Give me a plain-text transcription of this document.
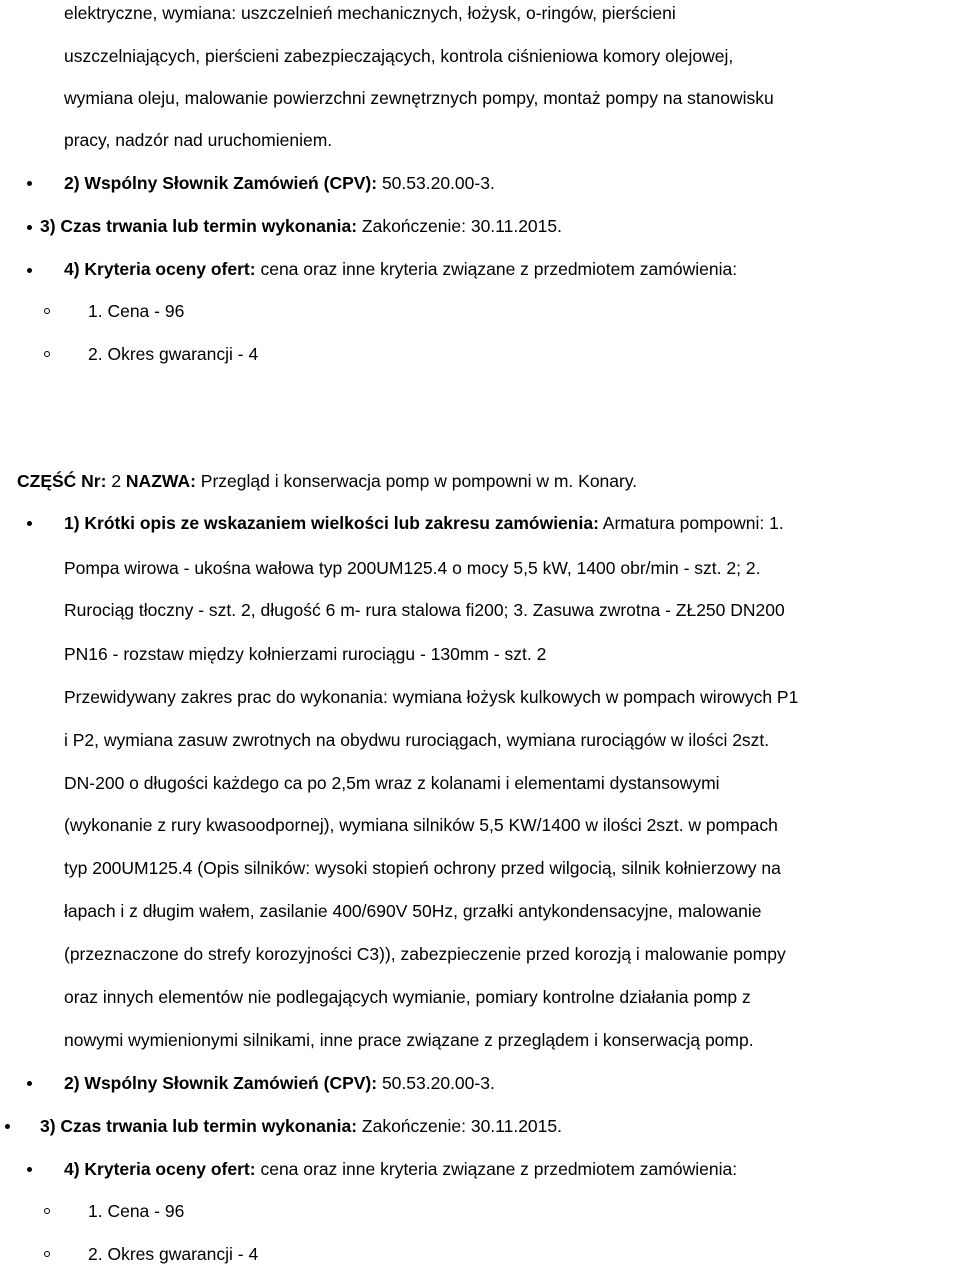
elektryczne, wymiana: uszczelnień mechanicznych, łożysk, o-ringów, pierścieni
uszczelniających, pierścieni zabezpieczających, kontrola ciśnieniowa komory olejowej,
wymiana oleju, malowanie powierzchni zewnętrznych pompy, montaż pompy na stanowisku
pracy, nadzór nad uruchomieniem.
2) Wspólny Słownik Zamówień (CPV): 50.53.20.00-3.
3) Czas trwania lub termin wykonania: Zakończenie: 30.11.2015.
4) Kryteria oceny ofert: cena oraz inne kryteria związane z przedmiotem zamówienia:
1. Cena - 96
2. Okres gwarancji - 4
CZĘŚĆ Nr: 2 NAZWA: Przegląd i konserwacja pomp w pompowni w m. Konary.
1) Krótki opis ze wskazaniem wielkości lub zakresu zamówienia: Armatura pompowni: 1.
Pompa wirowa - ukośna wałowa typ 200UM125.4 o mocy 5,5 kW, 1400 obr/min - szt. 2; 2.
Rurociąg tłoczny - szt. 2, długość 6 m- rura stalowa fi200; 3. Zasuwa zwrotna - ZŁ250 DN200
PN16 - rozstaw między kołnierzami rurociągu - 130mm - szt. 2
Przewidywany zakres prac do wykonania: wymiana łożysk kulkowych w pompach wirowych P1
i P2, wymiana zasuw zwrotnych na obydwu rurociągach, wymiana rurociągów w ilości 2szt.
DN-200 o długości każdego ca po 2,5m wraz z kolanami i elementami dystansowymi
(wykonanie z rury kwasoodpornej), wymiana silników 5,5 KW/1400 w ilości 2szt. w pompach
typ 200UM125.4 (Opis silników: wysoki stopień ochrony przed wilgocią, silnik kołnierzowy na
łapach i z długim wałem, zasilanie 400/690V 50Hz, grzałki antykondensacyjne, malowanie
(przeznaczone do strefy korozyjności C3)), zabezpieczenie przed korozją i malowanie pompy
oraz innych elementów nie podlegających wymianie, pomiary kontrolne działania pomp z
nowymi wymienionymi silnikami, inne prace związane z przeglądem i konserwacją pomp.
2) Wspólny Słownik Zamówień (CPV): 50.53.20.00-3.
3) Czas trwania lub termin wykonania: Zakończenie: 30.11.2015.
4) Kryteria oceny ofert: cena oraz inne kryteria związane z przedmiotem zamówienia:
1. Cena - 96
2. Okres gwarancji - 4
